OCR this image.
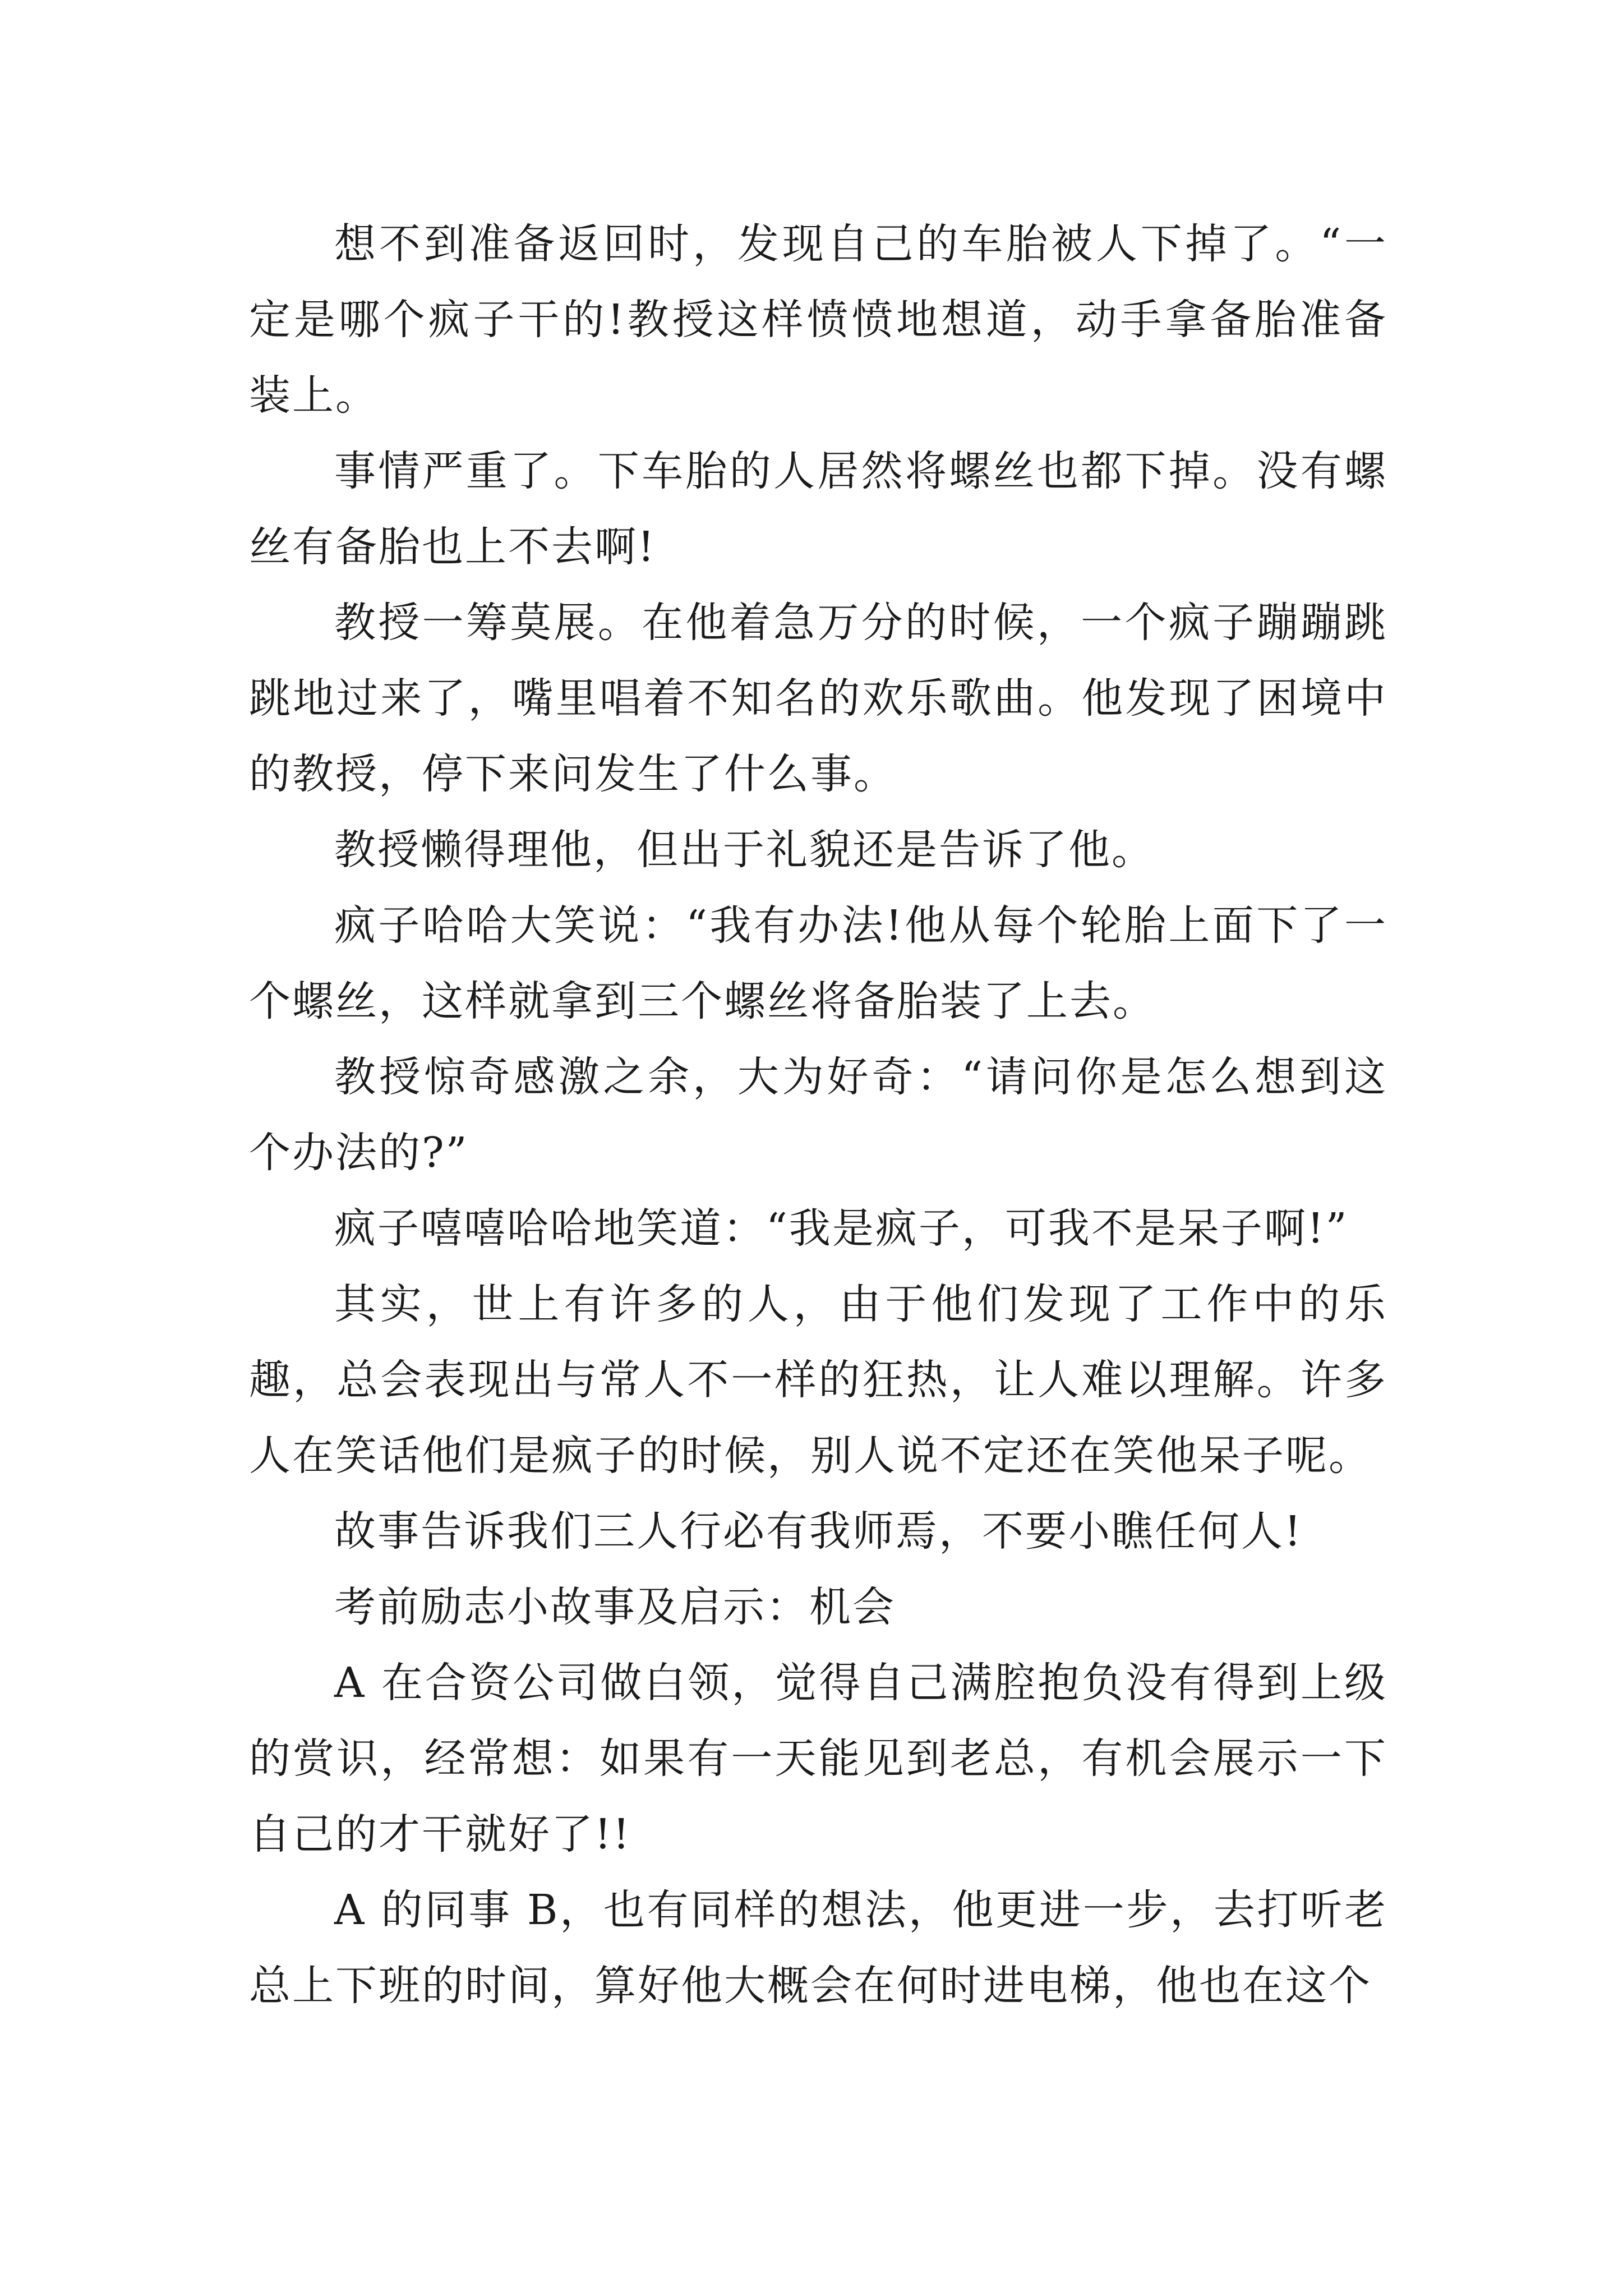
想不到准备返回时，发现自己的车胎被人下掉了。“一定是哪个疯子干的!教授这样愤愤地想道，动手拿备胎准备装上。

事情严重了。下车胎的人居然将螺丝也都下掉。没有螺丝有备胎也上不去啊!

教授一筹莫展。在他着急万分的时候，一个疯子蹦蹦跳跳地过来了，嘴里唱着不知名的欢乐歌曲。他发现了困境中的教授，停下来问发生了什么事。

教授懒得理他，但出于礼貌还是告诉了他。

疯子哈哈大笑说：“我有办法!他从每个轮胎上面下了一个螺丝，这样就拿到三个螺丝将备胎装了上去。

教授惊奇感激之余，大为好奇：“请问你是怎么想到这个办法的?”

疯子嘻嘻哈哈地笑道：“我是疯子，可我不是呆子啊!”

其实，世上有许多的人，由于他们发现了工作中的乐趣，总会表现出与常人不一样的狂热，让人难以理解。许多人在笑话他们是疯子的时候，别人说不定还在笑他呆子呢。

故事告诉我们三人行必有我师焉，不要小瞧任何人!

考前励志小故事及启示：机会

A 在合资公司做白领，觉得自己满腔抱负没有得到上级的赏识，经常想：如果有一天能见到老总，有机会展示一下自己的才干就好了!!

A 的同事 B，也有同样的想法，他更进一步，去打听老总上下班的时间，算好他大概会在何时进电梯，他也在这个
